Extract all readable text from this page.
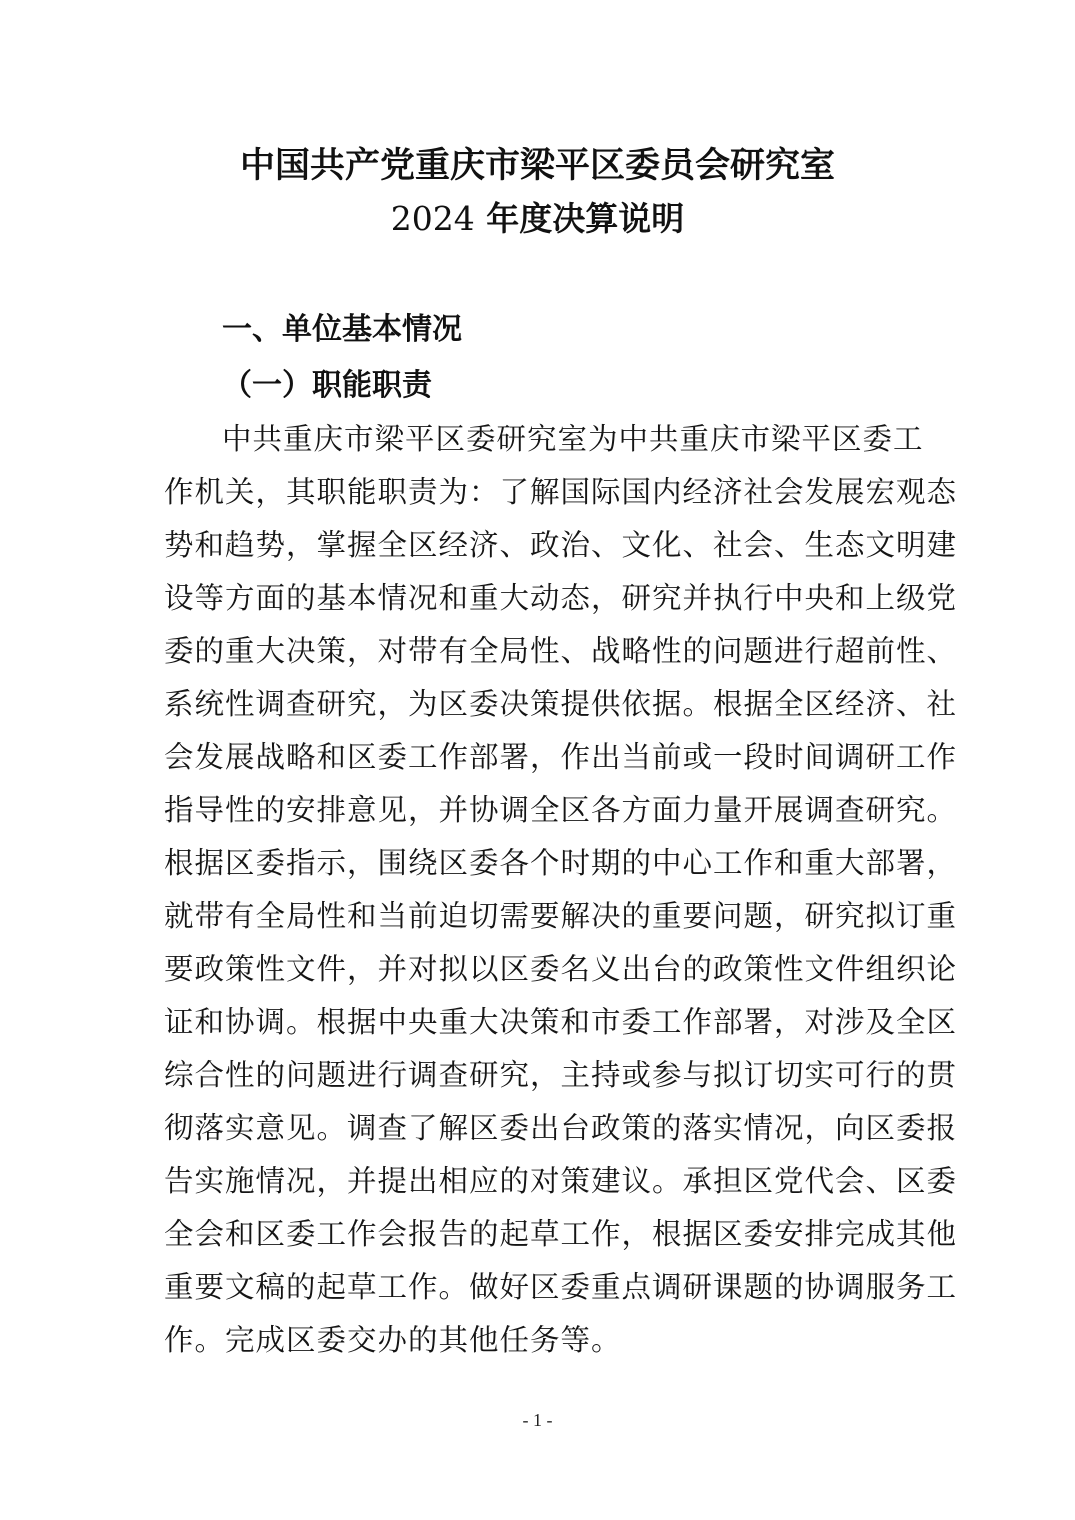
中国共产党重庆市梁平区委员会研究室
2024 年度决算说明
一、单位基本情况
（一）职能职责
中共重庆市梁平区委研究室为中共重庆市梁平区委工
作机关，其职能职责为：了解国际国内经济社会发展宏观态
势和趋势，掌握全区经济、政治、文化、社会、生态文明建
设等方面的基本情况和重大动态，研究并执行中央和上级党
委的重大决策，对带有全局性、战略性的问题进行超前性、
系统性调查研究，为区委决策提供依据。根据全区经济、社
会发展战略和区委工作部署，作出当前或一段时间调研工作
指导性的安排意见，并协调全区各方面力量开展调查研究。
根据区委指示，围绕区委各个时期的中心工作和重大部署，
就带有全局性和当前迫切需要解决的重要问题，研究拟订重
要政策性文件，并对拟以区委名义出台的政策性文件组织论
证和协调。根据中央重大决策和市委工作部署，对涉及全区
综合性的问题进行调查研究，主持或参与拟订切实可行的贯
彻落实意见。调查了解区委出台政策的落实情况，向区委报
告实施情况，并提出相应的对策建议。承担区党代会、区委
全会和区委工作会报告的起草工作，根据区委安排完成其他
重要文稿的起草工作。做好区委重点调研课题的协调服务工
作。完成区委交办的其他任务等。
- 1 -
